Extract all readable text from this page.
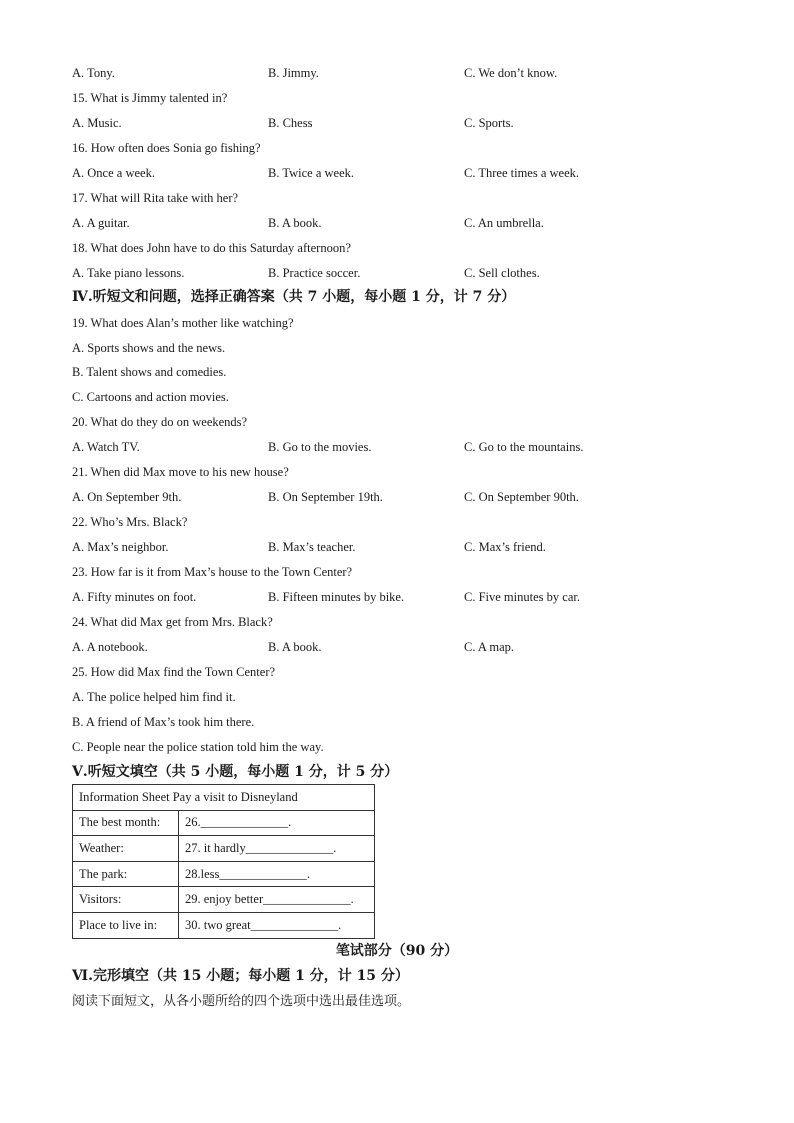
A. Tony.	B. Jimmy.	C. We don’t know.
15. What is Jimmy talented in?
A. Music.	B. Chess	C. Sports.
16. How often does Sonia go fishing?
A. Once a week.	B. Twice a week.	C. Three times a week.
17. What will Rita take with her?
A. A guitar.	B. A book.	C. An umbrella.
18. What does John have to do this Saturday afternoon?
A. Take piano lessons.	B. Practice soccer.	C. Sell clothes.
Ⅳ.听短文和问题，选择正确答案（共 7 小题，每小题 1 分，计 7 分）
19. What does Alan’s mother like watching?
A. Sports shows and the news.
B. Talent shows and comedies.
C. Cartoons and action movies.
20. What do they do on weekends?
A. Watch TV.	B. Go to the movies.	C. Go to the mountains.
21. When did Max move to his new house?
A. On September 9th.	B. On September 19th.	C. On September 90th.
22. Who’s Mrs. Black?
A. Max’s neighbor.	B. Max’s teacher.	C. Max’s friend.
23. How far is it from Max’s house to the Town Center?
A. Fifty minutes on foot.	B. Fifteen minutes by bike.	C. Five minutes by car.
24. What did Max get from Mrs. Black?
A. A notebook.	B. A book.	C. A map.
25. How did Max find the Town Center?
A. The police helped him find it.
B. A friend of Max’s took him there.
C. People near the police station told him the way.
Ⅴ.听短文填空（共 5 小题，每小题 1 分，计 5 分）
Information Sheet Pay a visit to Disneyland	
The best month:	26.______________.
Weather:	27. it hardly______________.
The park:	28.less______________.
Visitors:	29. enjoy better______________.
Place to live in:	30. two great______________.
笔试部分（90 分）
Ⅵ.完形填空（共 15 小题；每小题 1 分，计 15 分）
阅读下面短文，从各小题所给的四个选项中选出最佳选项。
